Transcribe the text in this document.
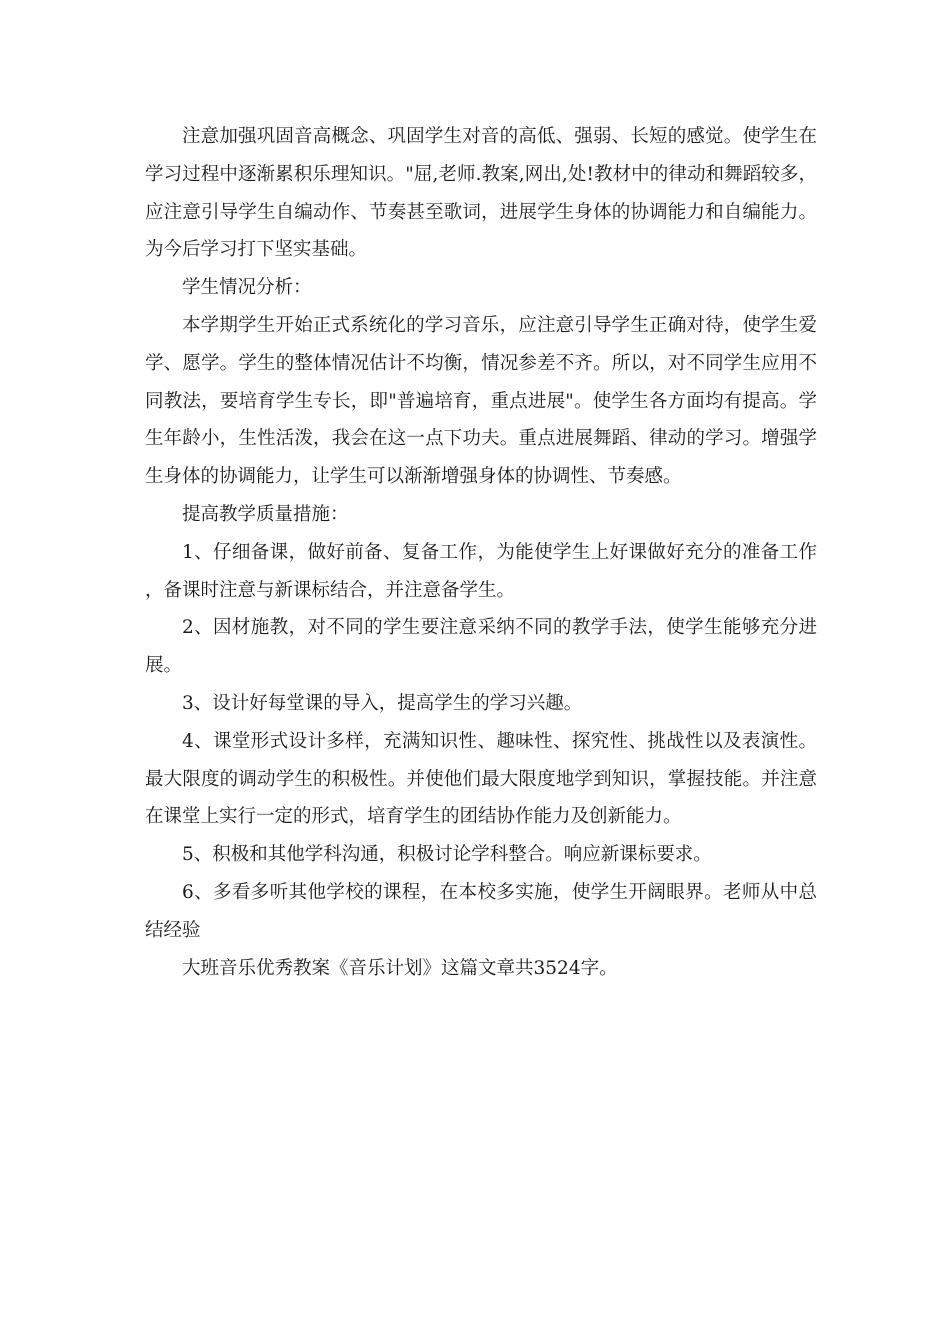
注意加强巩固音高概念、巩固学生对音的高低、强弱、长短的感觉。使学生在学习过程中逐渐累积乐理知识。"屈,老师.教案,网出,处!教材中的律动和舞蹈较多，应注意引导学生自编动作、节奏甚至歌词，进展学生身体的协调能力和自编能力。为今后学习打下坚实基础。

学生情况分析：

本学期学生开始正式系统化的学习音乐，应注意引导学生正确对待，使学生爱学、愿学。学生的整体情况估计不均衡，情况参差不齐。所以，对不同学生应用不同教法，要培育学生专长，即"普遍培育，重点进展"。使学生各方面均有提高。学生年龄小，生性活泼，我会在这一点下功夫。重点进展舞蹈、律动的学习。增强学生身体的协调能力，让学生可以渐渐增强身体的协调性、节奏感。

提高教学质量措施：

1、仔细备课，做好前备、复备工作，为能使学生上好课做好充分的准备工作，备课时注意与新课标结合，并注意备学生。

2、因材施教，对不同的学生要注意采纳不同的教学手法，使学生能够充分进展。

3、设计好每堂课的导入，提高学生的学习兴趣。

4、课堂形式设计多样，充满知识性、趣味性、探究性、挑战性以及表演性。最大限度的调动学生的积极性。并使他们最大限度地学到知识，掌握技能。并注意在课堂上实行一定的形式，培育学生的团结协作能力及创新能力。

5、积极和其他学科沟通，积极讨论学科整合。响应新课标要求。

6、多看多听其他学校的课程，在本校多实施，使学生开阔眼界。老师从中总结经验

大班音乐优秀教案《音乐计划》这篇文章共3524字。
